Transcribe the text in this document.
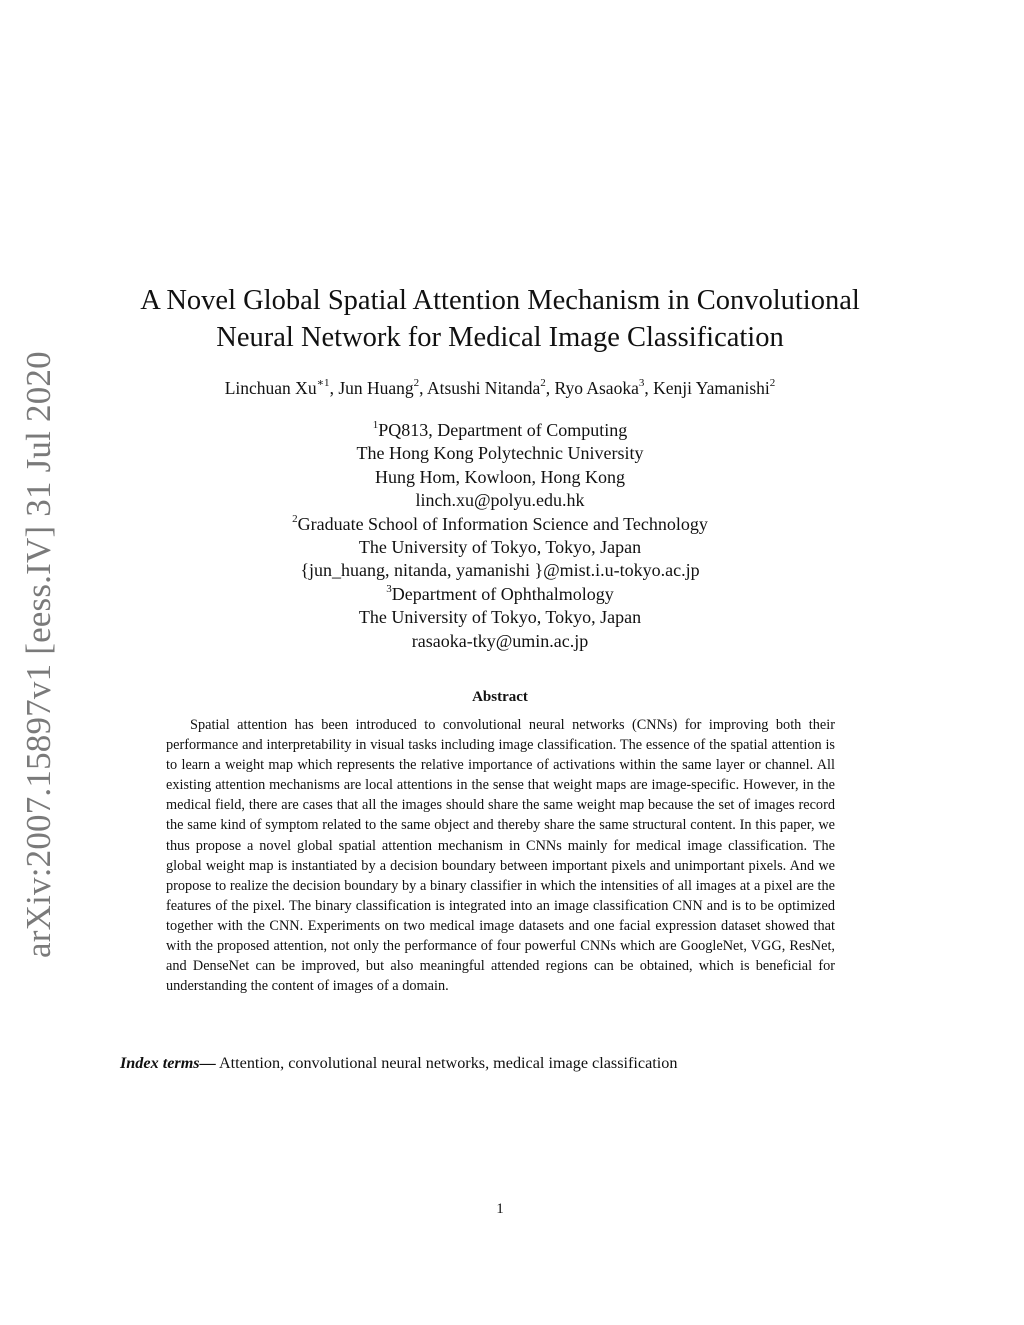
arXiv:2007.15897v1 [eess.IV] 31 Jul 2020
A Novel Global Spatial Attention Mechanism in Convolutional
Neural Network for Medical Image Classification

Linchuan $Xu^{∗1}$, Jun Huang$^2$, Atsushi Nitanda$^2$, Ryo Asaoka$^3$, Kenji Yamanishi$^2$

$^1$PQ813, Department of Computing
The Hong Kong Polytechnic University
Hung Hom, Kowloon, Hong Kong
linch.xu@polyu.edu.hk
$^2$Graduate School of Information Science and Technology
The University of Tokyo, Tokyo, Japan
{jun_huang, nitanda, yamanishi }@mist.i.u-tokyo.ac.jp
$^3$Department of Ophthalmology
The University of Tokyo, Tokyo, Japan
rasaoka-tky@umin.ac.jp
Abstract

Spatial attention has been introduced to convolutional neural networks (CNNs) for improving both their performance and interpretability in visual tasks including image classification. The essence of the spatial attention is to learn a weight map which represents the relative importance of activations within the same layer or channel. All existing attention mechanisms are local attentions in the sense that weight maps are image-specific. However, in the medical field, there are cases that all the images should share the same weight map because the set of images record the same kind of symptom related to the same object and thereby share the same structural content. In this paper, we thus propose a novel global spatial attention mechanism in CNNs mainly for medical image classification. The global weight map is instantiated by a decision boundary between important pixels and unimportant pixels. And we propose to realize the decision boundary by a binary classifier in which the intensities of all images at a pixel are the features of the pixel. The binary classification is integrated into an image classification CNN and is to be optimized together with the CNN. Experiments on two medical image datasets and one facial expression dataset showed that with the proposed attention, not only the performance of four powerful CNNs which are GoogleNet, VGG, ResNet, and DenseNet can be improved, but also meaningful attended regions can be obtained, which is beneficial for understanding the content of images of a domain.

Index terms— Attention, convolutional neural networks, medical image classification

1
